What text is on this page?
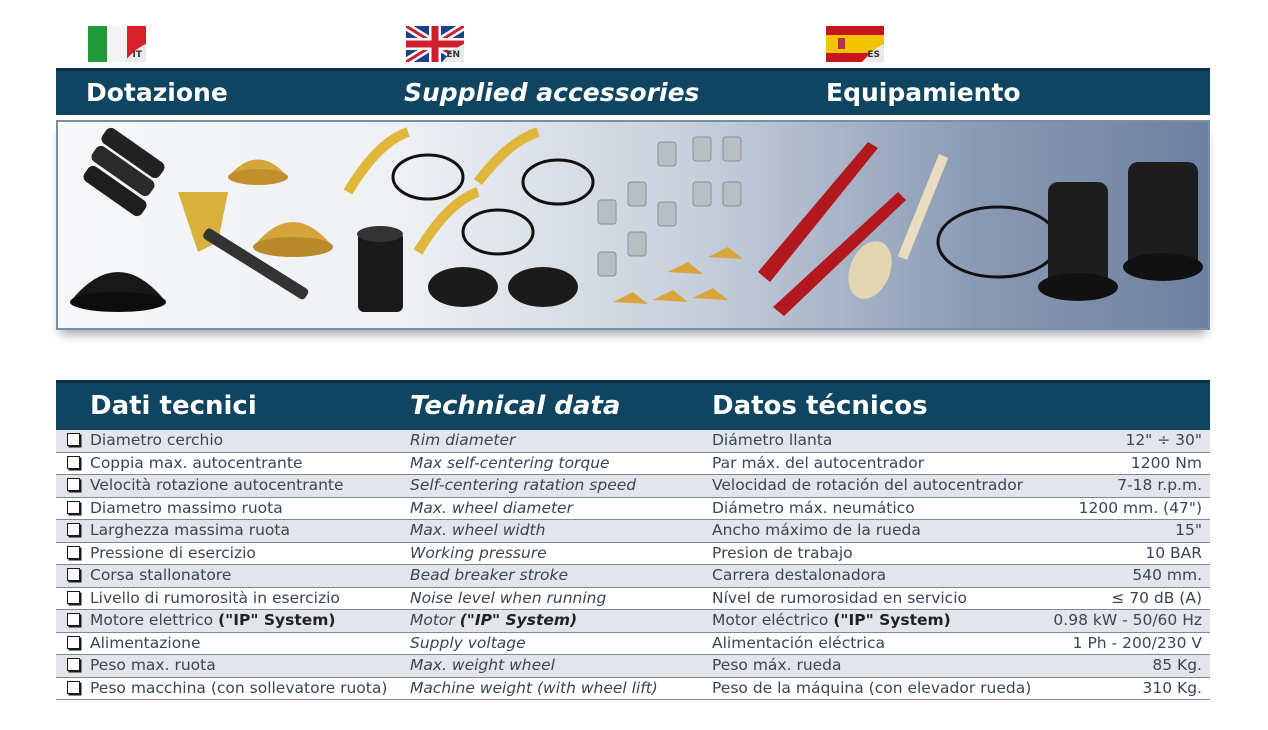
IT	EN	ES
Dotazione	Supplied accessories	Equipamiento
Dati tecnici	Technical data	Datos técnicos
	Diametro cerchio	Rim diameter	Diámetro llanta	12" ÷ 30"
	Coppia max. autocentrante	Max self-centering torque	Par máx. del autocentrador	1200 Nm
	Velocità rotazione autocentrante	Self-centering ratation speed	Velocidad de rotación del autocentrador	7-18 r.p.m.
	Diametro massimo ruota	Max. wheel diameter	Diámetro máx. neumático	1200 mm. (47")
	Larghezza massima ruota	Max. wheel width	Ancho máximo de la rueda	15"
	Pressione di esercizio	Working pressure	Presion de trabajo	10 BAR
	Corsa stallonatore	Bead breaker stroke	Carrera destalonadora	540 mm.
	Livello di rumorosità in esercizio	Noise level when running	Nível de rumorosidad en servicio	≤ 70 dB (A)
	Motore elettrico ("IP" System)	Motor ("IP" System)	Motor eléctrico ("IP" System)	0.98 kW - 50/60 Hz
	Alimentazione	Supply voltage	Alimentación eléctrica	1 Ph - 200/230 V
	Peso max. ruota	Max. weight wheel	Peso máx. rueda	85 Kg.
	Peso macchina (con sollevatore ruota)	Machine weight (with wheel lift)	Peso de la máquina (con elevador rueda)	310 Kg.
